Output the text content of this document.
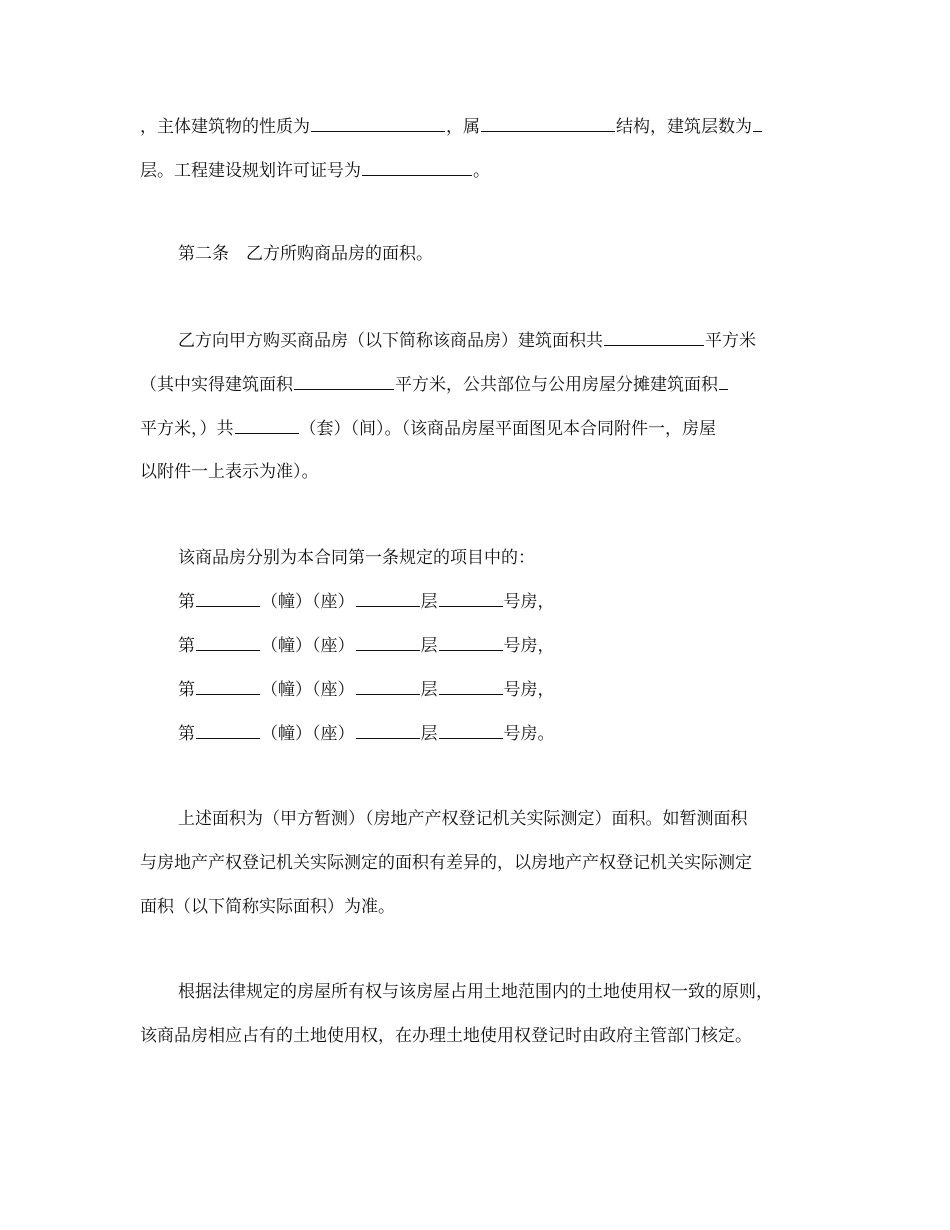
，主体建筑物的性质为	，属	结构，建筑层数为
层。工程建设规划许可证号为	。
第二条　乙方所购商品房的面积。
乙方向甲方购买商品房（以下简称该商品房）建筑面积共	平方米
（其中实得建筑面积	平方米，公共部位与公用房屋分摊建筑面积
平方米，）共	（套）（间）。（该商品房屋平面图见本合同附件一，房屋
以附件一上表示为准）。
该商品房分别为本合同第一条规定的项目中的：
第	（幢）（座）	层	号房，
第	（幢）（座）	层	号房，
第	（幢）（座）	层	号房，
第	（幢）（座）	层	号房。
上述面积为（甲方暂测）（房地产产权登记机关实际测定）面积。如暂测面积
与房地产产权登记机关实际测定的面积有差异的，以房地产产权登记机关实际测定
面积（以下简称实际面积）为准。
根据法律规定的房屋所有权与该房屋占用土地范围内的土地使用权一致的原则，
该商品房相应占有的土地使用权，在办理土地使用权登记时由政府主管部门核定。
